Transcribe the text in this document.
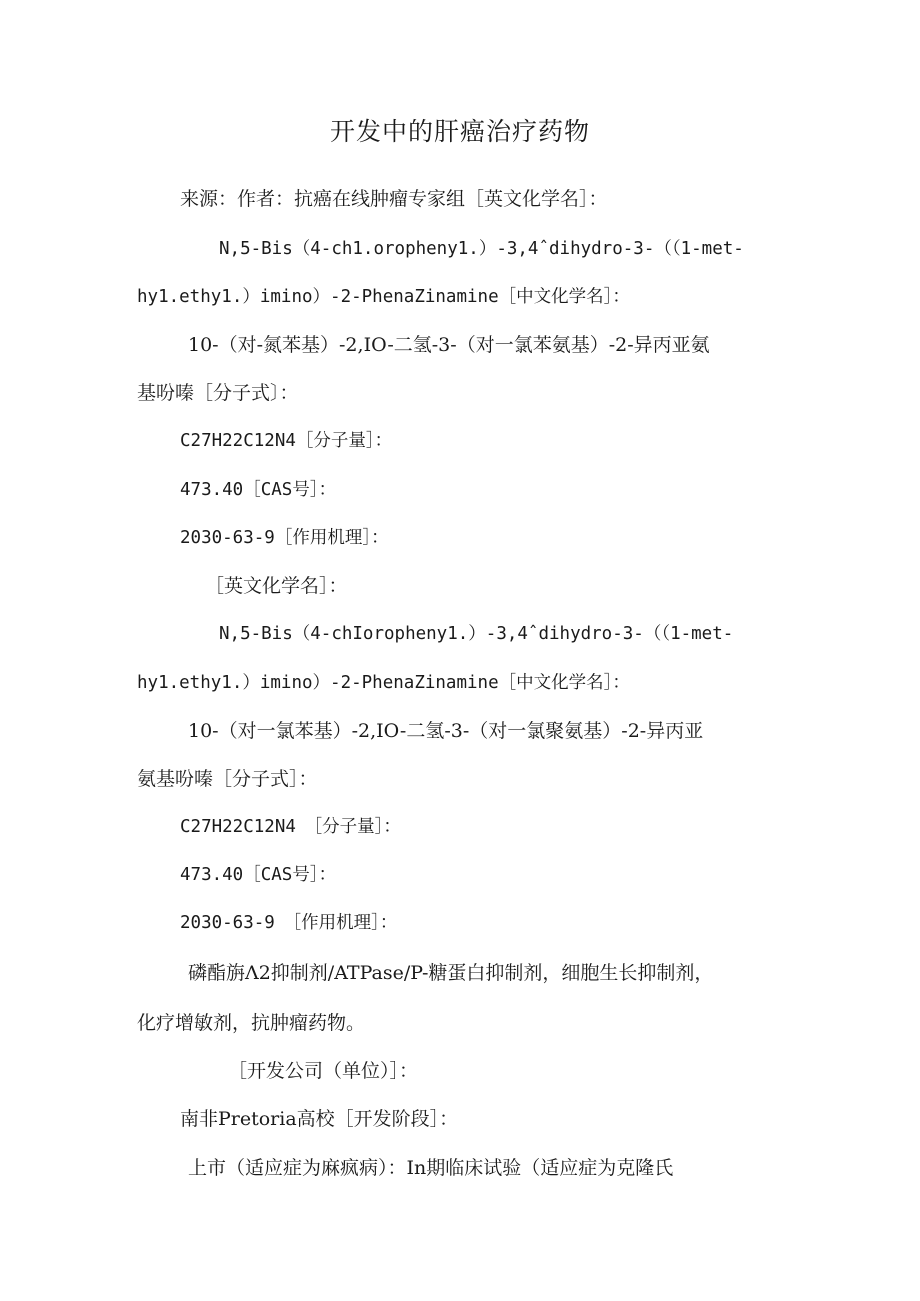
开发中的肝癌治疗药物
来源：作者：抗癌在线肿瘤专家组［英文化学名］：
N,5-Bis（4-ch1.oropheny1.）-3,4ˆdihydro-3-（（1-met-
hy1.ethy1.）imino）-2-PhenaZinamine［中文化学名］：
10-（对-氮苯基）-2,IO-二氢-3-（对一氯苯氨基）-2-异丙亚氨
基吩嗪［分子式〕：
C27H22C12N4［分子量］：
473.40［CAS号］：
2030-63-9［作用机理］：
［英文化学名］：
N,5-Bis（4-chIoropheny1.）-3,4ˆdihydro-3-（（1-met-
hy1.ethy1.）imino）-2-PhenaZinamine［中文化学名］：
10-（对一氯苯基）-2,IO-二氢-3-（对一氯聚氨基）-2-异丙亚
氨基吩嗪［分子式］：
C27H22C12N4　［分子量］：
473.40［CAS号］：
2030-63-9　［作用机理］：
磷酯旃Λ2抑制剂/ATPase/P-糖蛋白抑制剂，细胞生长抑制剂，
化疗增敏剂，抗肿瘤药物。
［开发公司（单位）］：
南非Pretoria高校［开发阶段］：
上市（适应症为麻疯病）：In期临床试验（适应症为克隆氏
